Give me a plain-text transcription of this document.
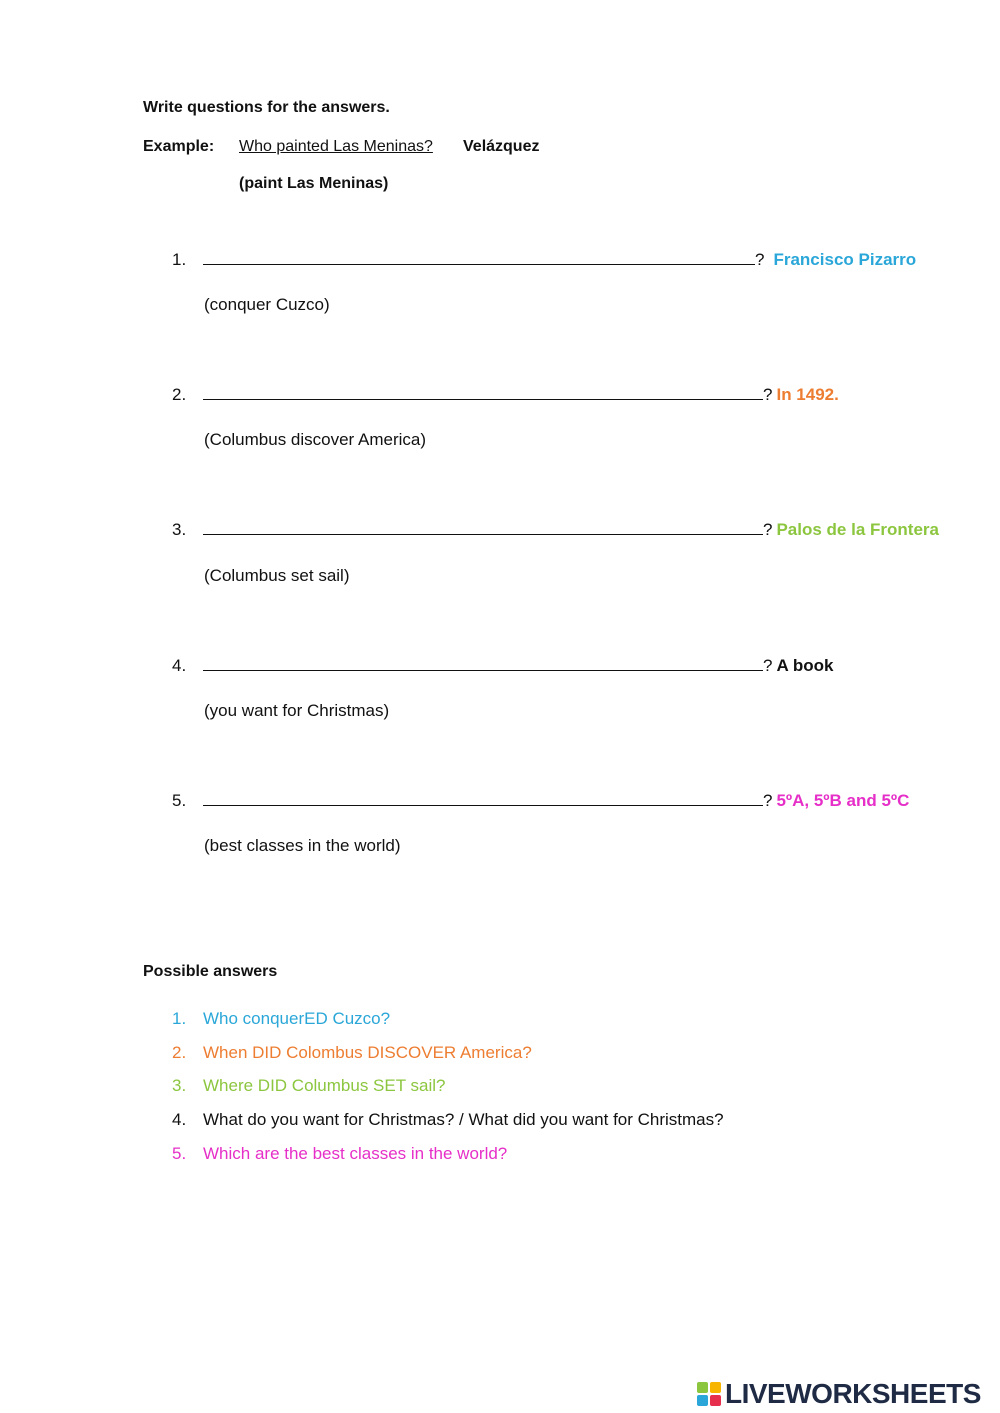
Write questions for the answers.
Example: Who painted Las Meninas? Velázquez
(paint Las Meninas)
1.	? Francisco Pizarro
(conquer Cuzco)
2.	? In 1492.
(Columbus discover America)
3.	? Palos de la Frontera
(Columbus set sail)
4.	? A book
(you want for Christmas)
5.	? 5ºA, 5ºB and 5ºC
(best classes in the world)
Possible answers
1. Who conquerED Cuzco?
2. When DID Colombus DISCOVER America?
3. Where DID Columbus SET sail?
4. What do you want for Christmas? / What did you want for Christmas?
5. Which are the best classes in the world?
LIVEWORKSHEETS
